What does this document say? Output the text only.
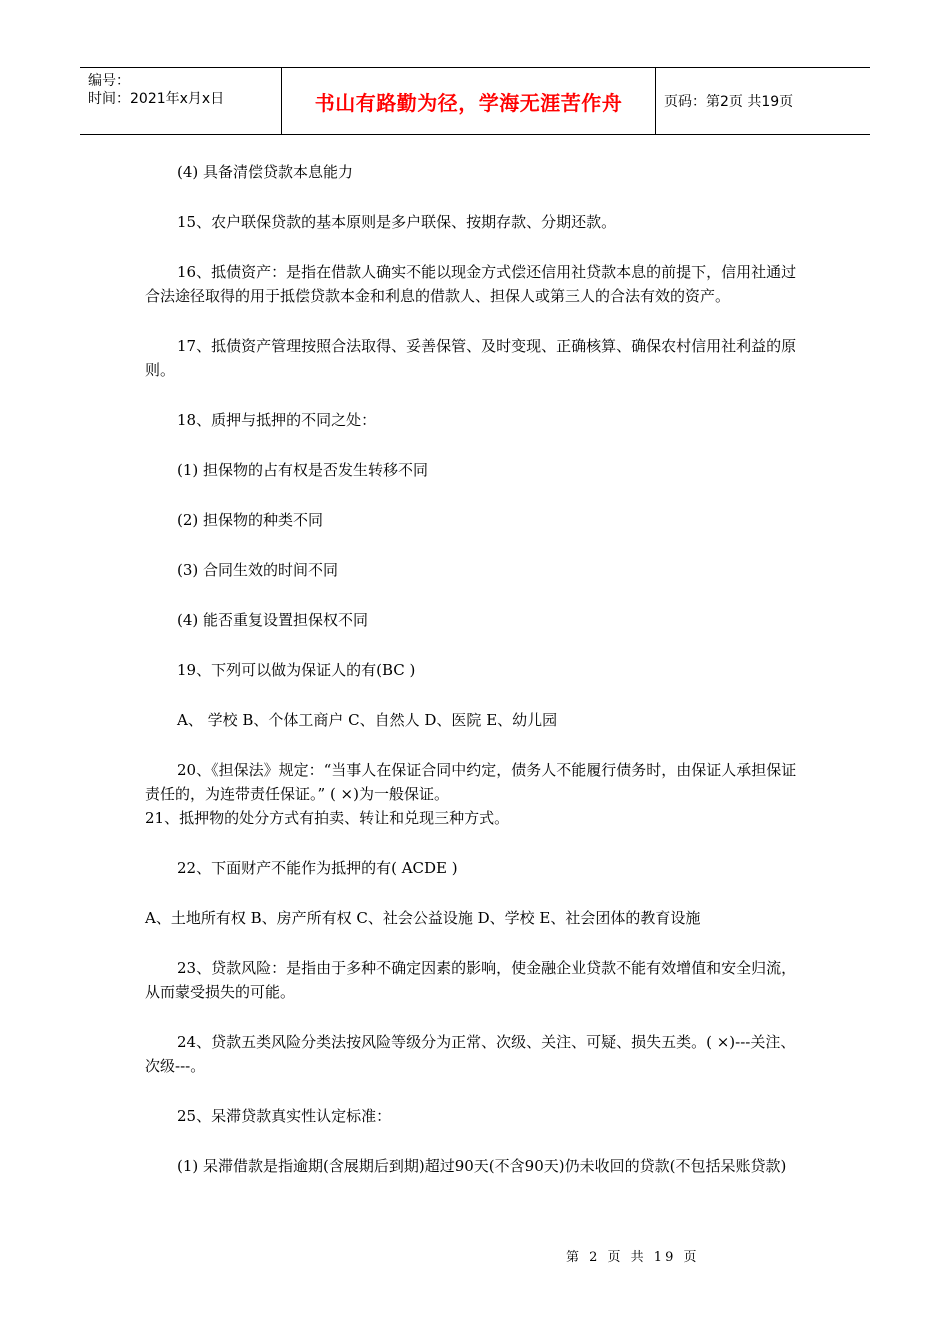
编号：
时间：2021年x月x日	书山有路勤为径，学海无涯苦作舟	页码：第2页 共19页

(4) 具备清偿贷款本息能力

15、农户联保贷款的基本原则是多户联保、按期存款、分期还款。

16、抵债资产：是指在借款人确实不能以现金方式偿还信用社贷款本息的前提下，信用社通过合法途径取得的用于抵偿贷款本金和利息的借款人、担保人或第三人的合法有效的资产。

17、抵债资产管理按照合法取得、妥善保管、及时变现、正确核算、确保农村信用社利益的原则。

18、质押与抵押的不同之处：

(1) 担保物的占有权是否发生转移不同

(2) 担保物的种类不同

(3) 合同生效的时间不同

(4) 能否重复设置担保权不同

19、下列可以做为保证人的有(BC )

A、 学校 B、个体工商户 C、自然人 D、医院 E、幼儿园

20、《担保法》规定：“当事人在保证合同中约定，债务人不能履行债务时，由保证人承担保证责任的，为连带责任保证。” ( ×)为一般保证。

21、抵押物的处分方式有拍卖、转让和兑现三种方式。

22、下面财产不能作为抵押的有( ACDE )

A、土地所有权 B、房产所有权 C、社会公益设施 D、学校 E、社会团体的教育设施

23、贷款风险：是指由于多种不确定因素的影响，使金融企业贷款不能有效增值和安全归流，从而蒙受损失的可能。

24、贷款五类风险分类法按风险等级分为正常、次级、关注、可疑、损失五类。( ×)---关注、次级---。

25、呆滞贷款真实性认定标准：

(1) 呆滞借款是指逾期(含展期后到期)超过90天(不含90天)仍未收回的贷款(不包括呆账贷款)

第 2 页 共 19 页
